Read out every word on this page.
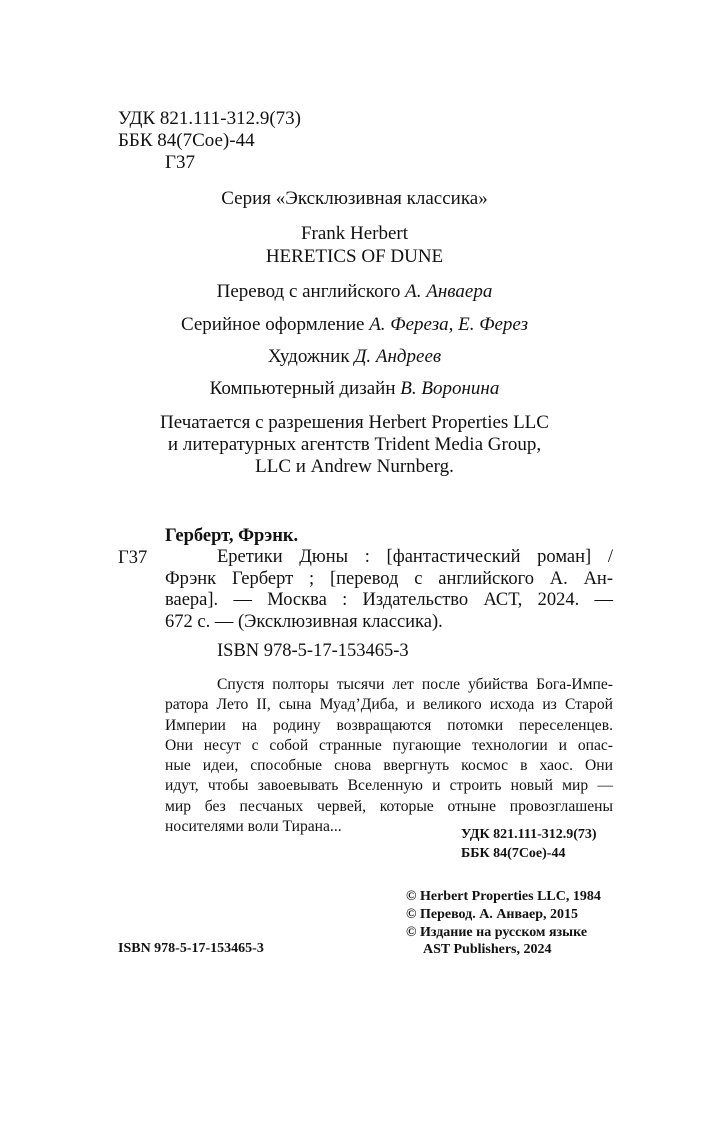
УДК 821.111-312.9(73)
ББК 84(7Сое)-44
Г37
Серия «Эксклюзивная классика»
Frank Herbert
HERETICS OF DUNE
Перевод с английского А. Анваера
Серийное оформление А. Фереза, Е. Ферез
Художник Д. Андреев
Компьютерный дизайн В. Воронина
Печатается с разрешения Herbert Properties LLC
и литературных агентств Trident Media Group,
LLC и Andrew Nurnberg.
Герберт, Фрэнк.
Г37	Еретики Дюны : [фантастический роман] /
Фрэнк Герберт ; [перевод с английского А. Ан-
ваера]. — Москва : Издательство АСТ, 2024. —
672 с. — (Эксклюзивная классика).
ISBN 978-5-17-153465-3
Спустя полторы тысячи лет после убийства Бога-Импе-
ратора Лето II, сына Муад’Диба, и великого исхода из Старой
Империи на родину возвращаются потомки переселенцев.
Они несут с собой странные пугающие технологии и опас-
ные идеи, способные снова ввергнуть космос в хаос. Они
идут, чтобы завоевывать Вселенную и строить новый мир —
мир без песчаных червей, которые отныне провозглашены
носителями воли Тирана...	УДК 821.111-312.9(73)
ББК 84(7Сое)-44
© Herbert Properties LLC, 1984
© Перевод. А. Анваер, 2015
© Издание на русском языке
AST Publishers, 2024
ISBN 978-5-17-153465-3
